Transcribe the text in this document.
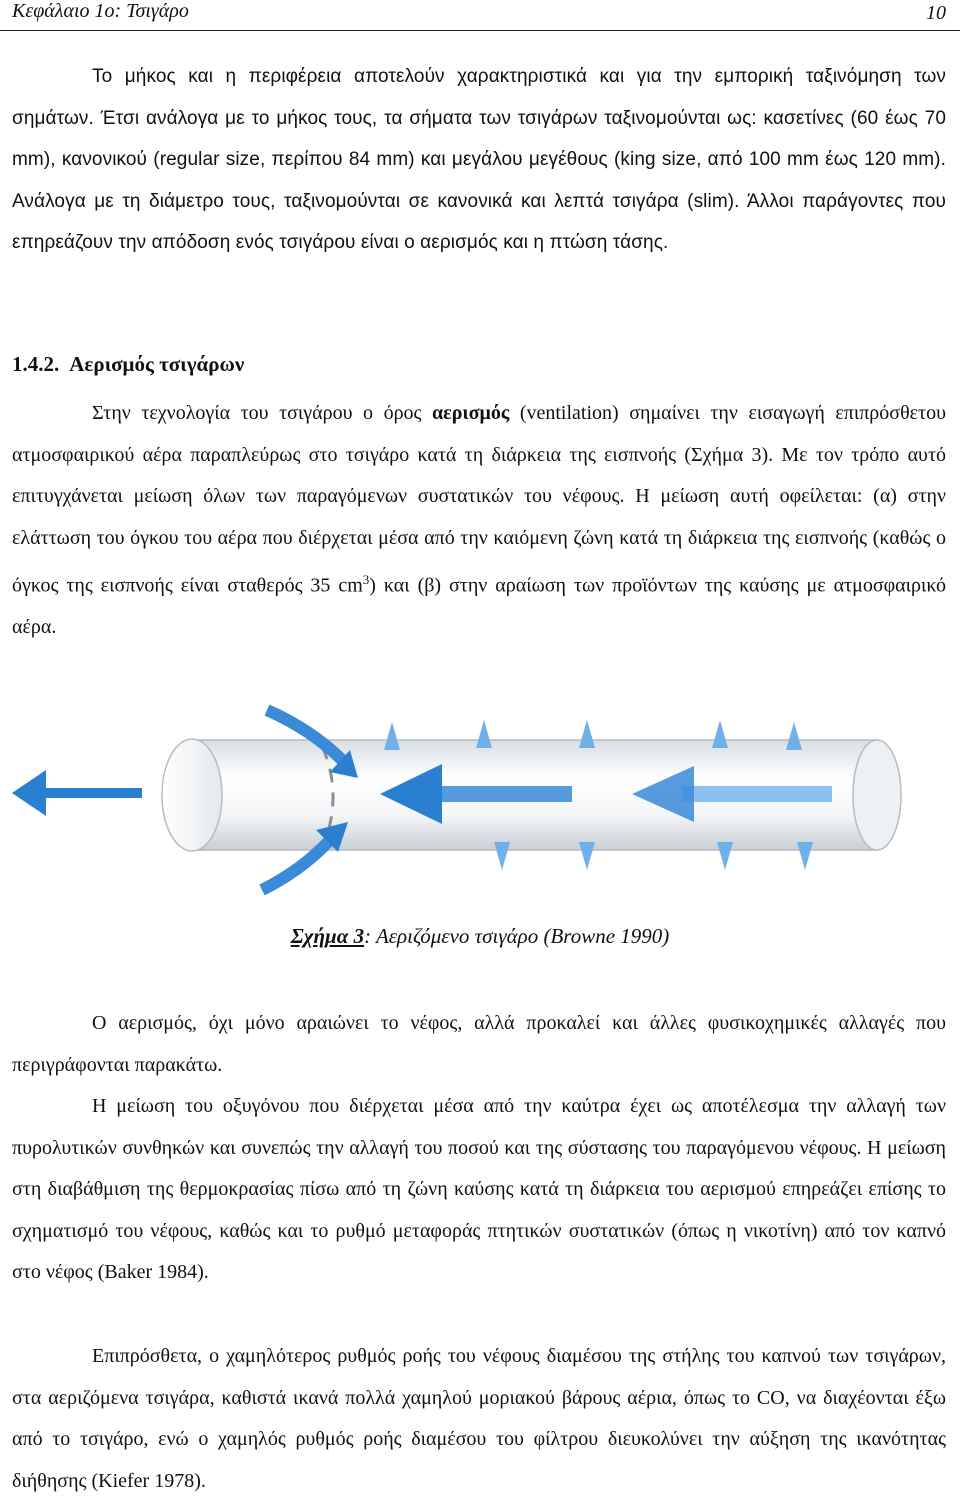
Κεφάλαιο 1ο: Τσιγάρο	10

Το μήκος και η περιφέρεια αποτελούν χαρακτηριστικά και για την εμπορική ταξινόμηση των σημάτων. Έτσι ανάλογα με το μήκος τους, τα σήματα των τσιγάρων ταξινομούνται ως: κασετίνες (60 έως 70 mm), κανονικού (regular size, περίπου 84 mm) και μεγάλου μεγέθους (king size, από 100 mm έως 120 mm). Ανάλογα με τη διάμετρο τους, ταξινομούνται σε κανονικά και λεπτά τσιγάρα (slim). Άλλοι παράγοντες που επηρεάζουν την απόδοση ενός τσιγάρου είναι ο αερισμός και η πτώση τάσης.

1.4.2. Αερισμός τσιγάρων

Στην τεχνολογία του τσιγάρου ο όρος αερισμός (ventilation) σημαίνει την εισαγωγή επιπρόσθετου ατμοσφαιρικού αέρα παραπλεύρως στο τσιγάρο κατά τη διάρκεια της εισπνοής (Σχήμα 3). Με τον τρόπο αυτό επιτυγχάνεται μείωση όλων των παραγόμενων συστατικών του νέφους. Η μείωση αυτή οφείλεται: (α) στην ελάττωση του όγκου του αέρα που διέρχεται μέσα από την καιόμενη ζώνη κατά τη διάρκεια της εισπνοής (καθώς ο όγκος της εισπνοής είναι σταθερός 35 $cm^3$) και (β) στην αραίωση των προϊόντων της καύσης με ατμοσφαιρικό αέρα.

Σχήμα 3: Αεριζόμενο τσιγάρο (Browne 1990)

Ο αερισμός, όχι μόνο αραιώνει το νέφος, αλλά προκαλεί και άλλες φυσικοχημικές αλλαγές που περιγράφονται παρακάτω.

Η μείωση του οξυγόνου που διέρχεται μέσα από την καύτρα έχει ως αποτέλεσμα την αλλαγή των πυρολυτικών συνθηκών και συνεπώς την αλλαγή του ποσού και της σύστασης του παραγόμενου νέφους. Η μείωση στη διαβάθμιση της θερμοκρασίας πίσω από τη ζώνη καύσης κατά τη διάρκεια του αερισμού επηρεάζει επίσης το σχηματισμό του νέφους, καθώς και το ρυθμό μεταφοράς πτητικών συστατικών (όπως η νικοτίνη) από τον καπνό στο νέφος (Baker 1984).

Επιπρόσθετα, ο χαμηλότερος ρυθμός ροής του νέφους διαμέσου της στήλης του καπνού των τσιγάρων, στα αεριζόμενα τσιγάρα, καθιστά ικανά πολλά χαμηλού μοριακού βάρους αέρια, όπως το CO, να διαχέονται έξω από το τσιγάρο, ενώ ο χαμηλός ρυθμός ροής διαμέσου του φίλτρου διευκολύνει την αύξηση της ικανότητας διήθησης (Kiefer 1978).
